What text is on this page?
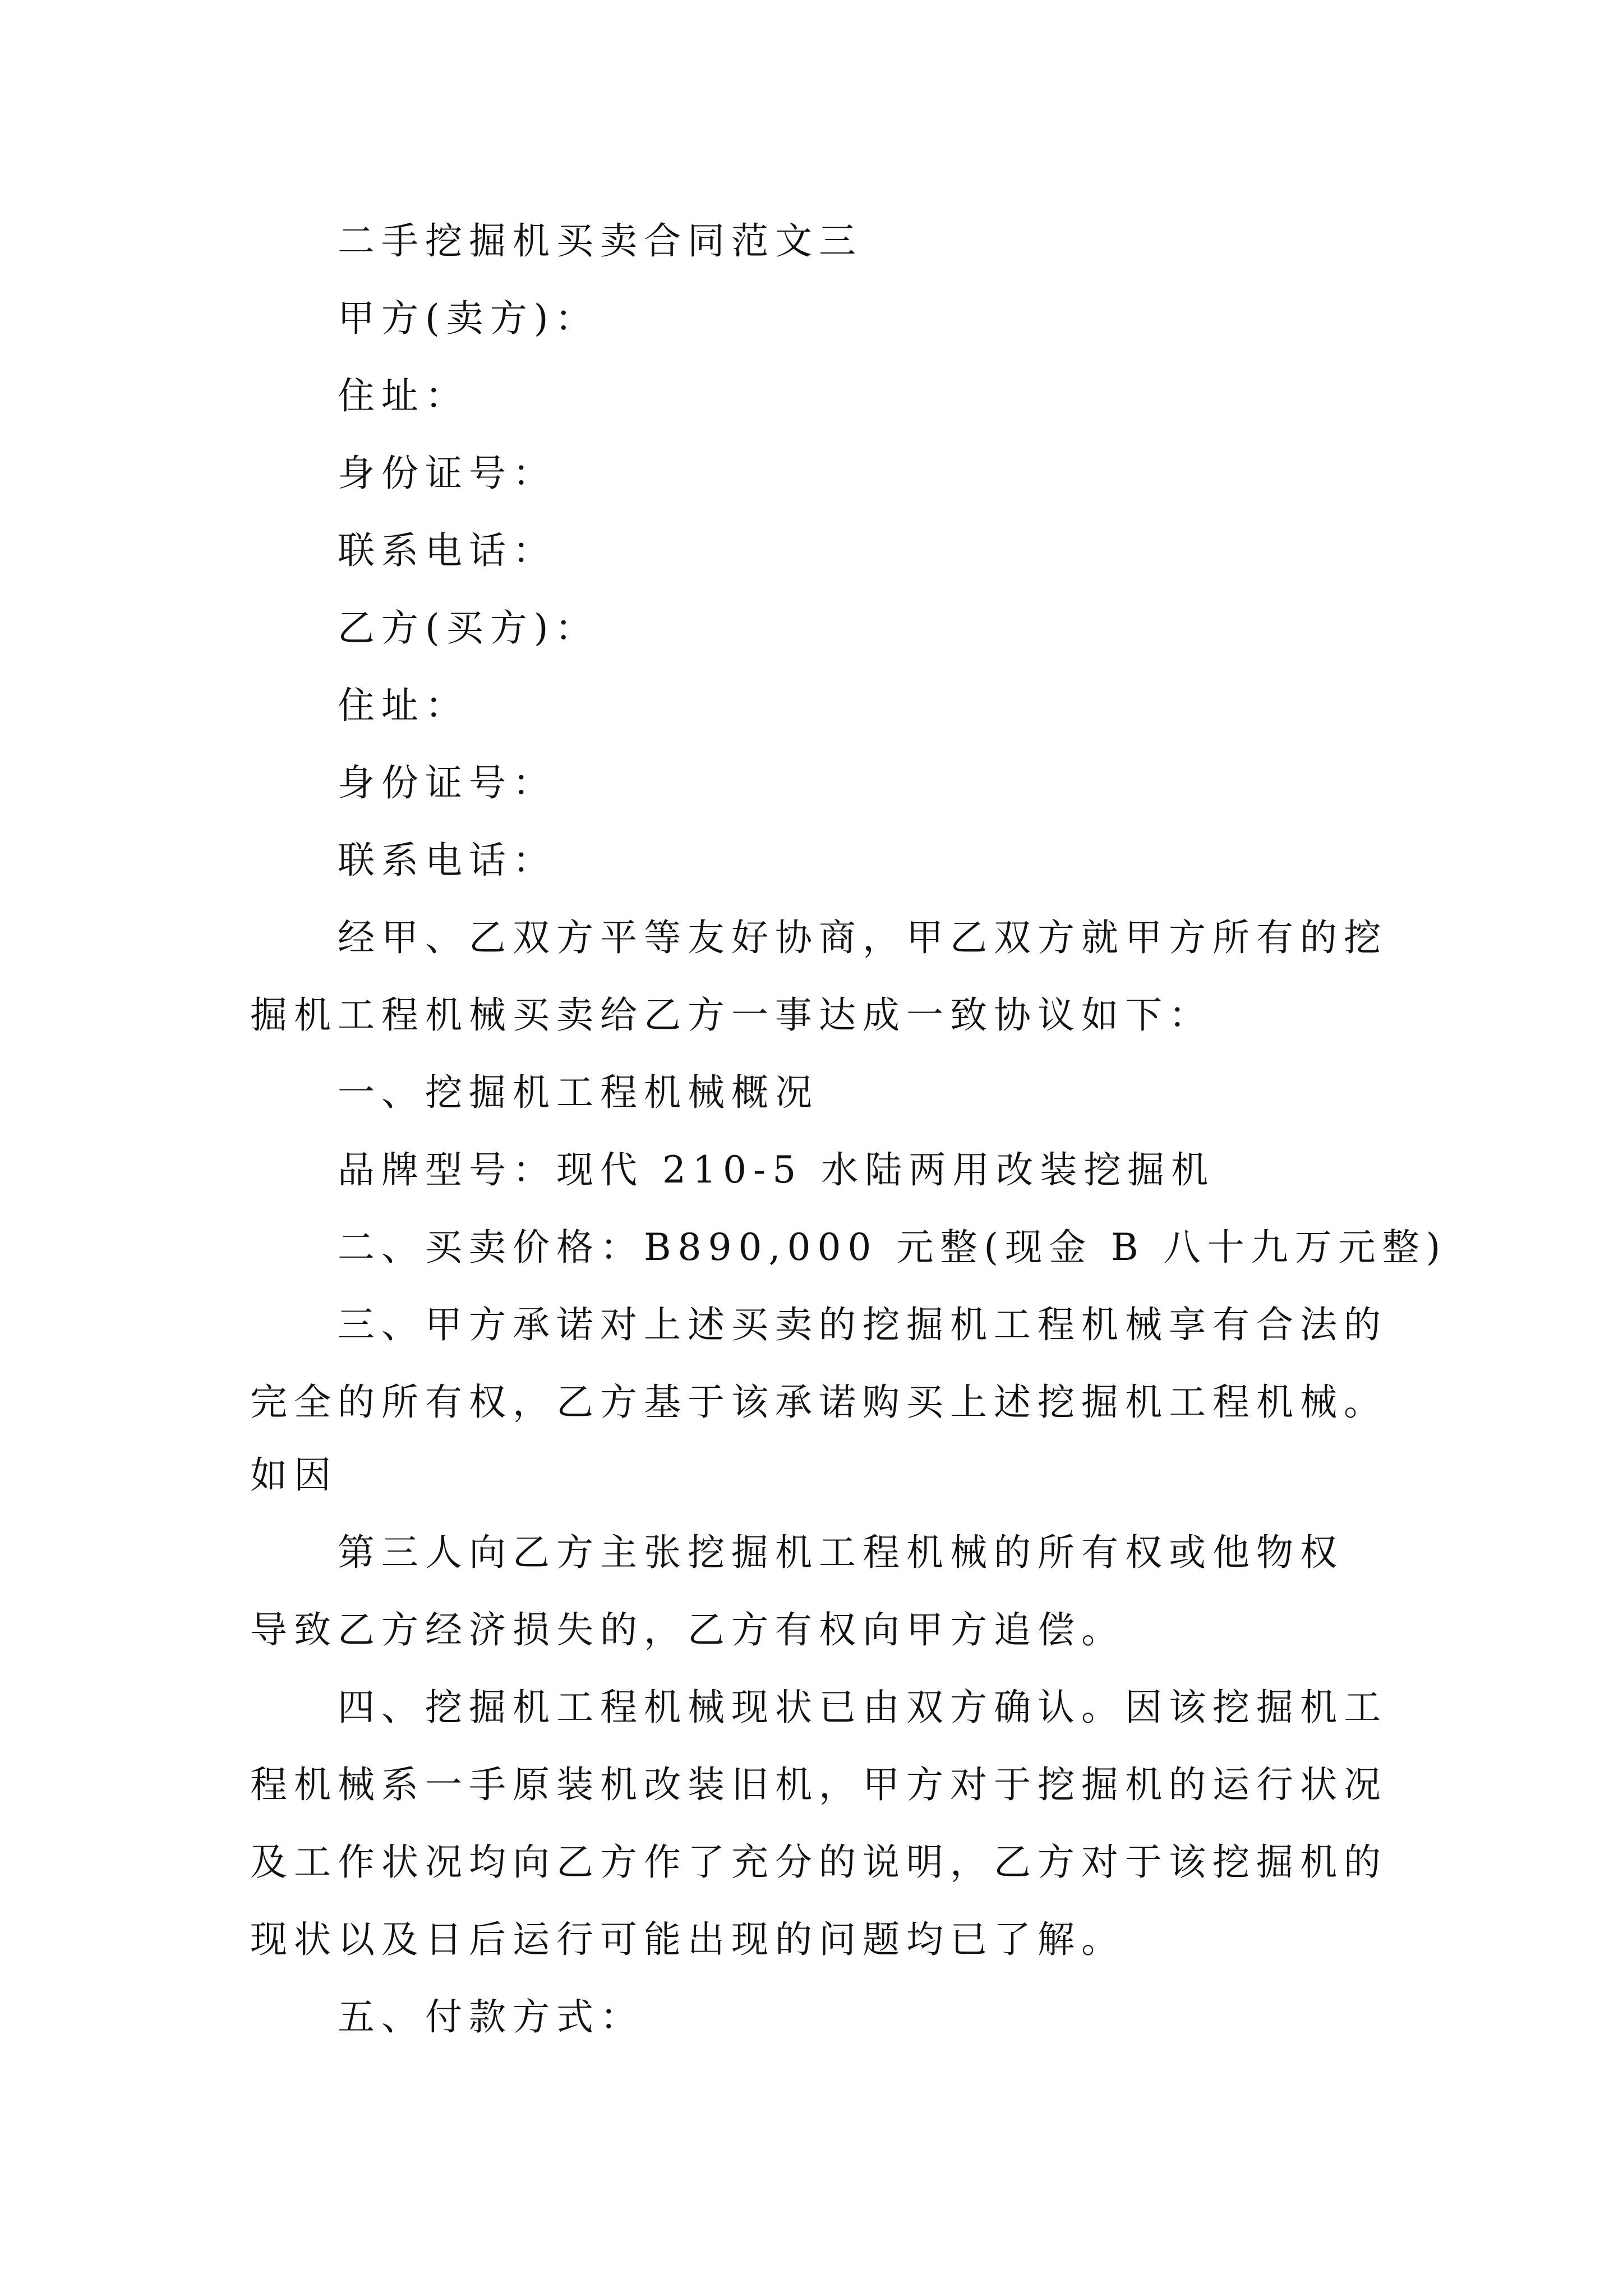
二手挖掘机买卖合同范文三

甲方(卖方)：

住址：

身份证号：

联系电话：

乙方(买方)：

住址：

身份证号：

联系电话：

经甲、乙双方平等友好协商，甲乙双方就甲方所有的挖

掘机工程机械买卖给乙方一事达成一致协议如下：

一、挖掘机工程机械概况

品牌型号：现代 210-5 水陆两用改装挖掘机

二、买卖价格：B890,000 元整(现金 B 八十九万元整)

三、甲方承诺对上述买卖的挖掘机工程机械享有合法的

完全的所有权，乙方基于该承诺购买上述挖掘机工程机械。

如因

第三人向乙方主张挖掘机工程机械的所有权或他物权

导致乙方经济损失的，乙方有权向甲方追偿。

四、挖掘机工程机械现状已由双方确认。因该挖掘机工

程机械系一手原装机改装旧机，甲方对于挖掘机的运行状况

及工作状况均向乙方作了充分的说明，乙方对于该挖掘机的

现状以及日后运行可能出现的问题均已了解。

五、付款方式：
